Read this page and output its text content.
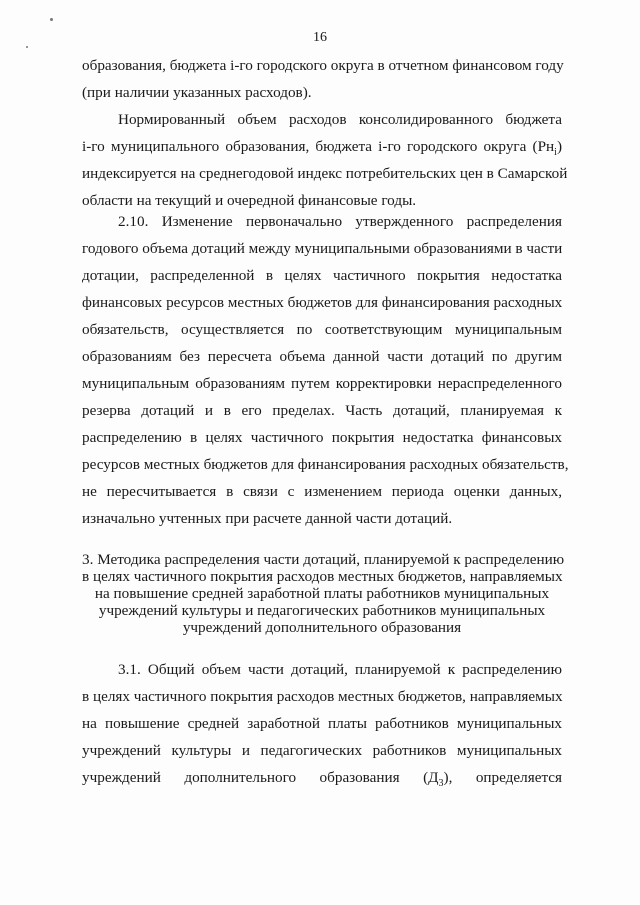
16
образования, бюджета i-го городского округа в отчетном финансовом году
(при наличии указанных расходов).
Нормированный объем расходов консолидированного бюджета
i-го муниципального образования, бюджета i-го городского округа $(Рн_i)$
индексируется на среднегодовой индекс потребительских цен в Самарской
области на текущий и очередной финансовые годы.
2.10. Изменение первоначально утвержденного распределения
годового объема дотаций между муниципальными образованиями в части
дотации, распределенной в целях частичного покрытия недостатка
финансовых ресурсов местных бюджетов для финансирования расходных
обязательств, осуществляется по соответствующим муниципальным
образованиям без пересчета объема данной части дотаций по другим
муниципальным образованиям путем корректировки нераспределенного
резерва дотаций и в его пределах. Часть дотаций, планируемая к
распределению в целях частичного покрытия недостатка финансовых
ресурсов местных бюджетов для финансирования расходных обязательств,
не пересчитывается в связи с изменением периода оценки данных,
изначально учтенных при расчете данной части дотаций.
3. Методика распределения части дотаций, планируемой к распределению
в целях частичного покрытия расходов местных бюджетов, направляемых
на повышение средней заработной платы работников муниципальных
учреждений культуры и педагогических работников муниципальных
учреждений дополнительного образования
3.1. Общий объем части дотаций, планируемой к распределению
в целях частичного покрытия расходов местных бюджетов, направляемых
на повышение средней заработной платы работников муниципальных
учреждений культуры и педагогических работников муниципальных
учреждений дополнительного образования $(Д_3)$, определяется
